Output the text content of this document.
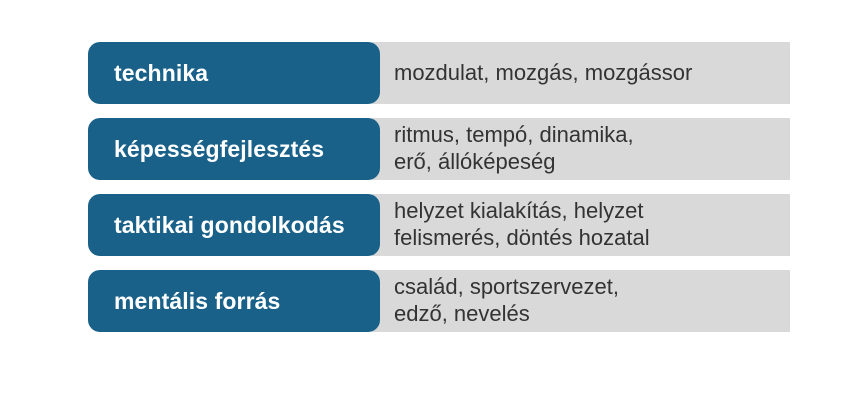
technika	mozdulat, mozgás, mozgássor
képességfejlesztés
ritmus, tempó, dinamika,
erő, állóképeség
taktikai gondolkodás
helyzet kialakítás, helyzet
felismerés, döntés hozatal
mentális forrás
család, sportszervezet,
edző, nevelés
